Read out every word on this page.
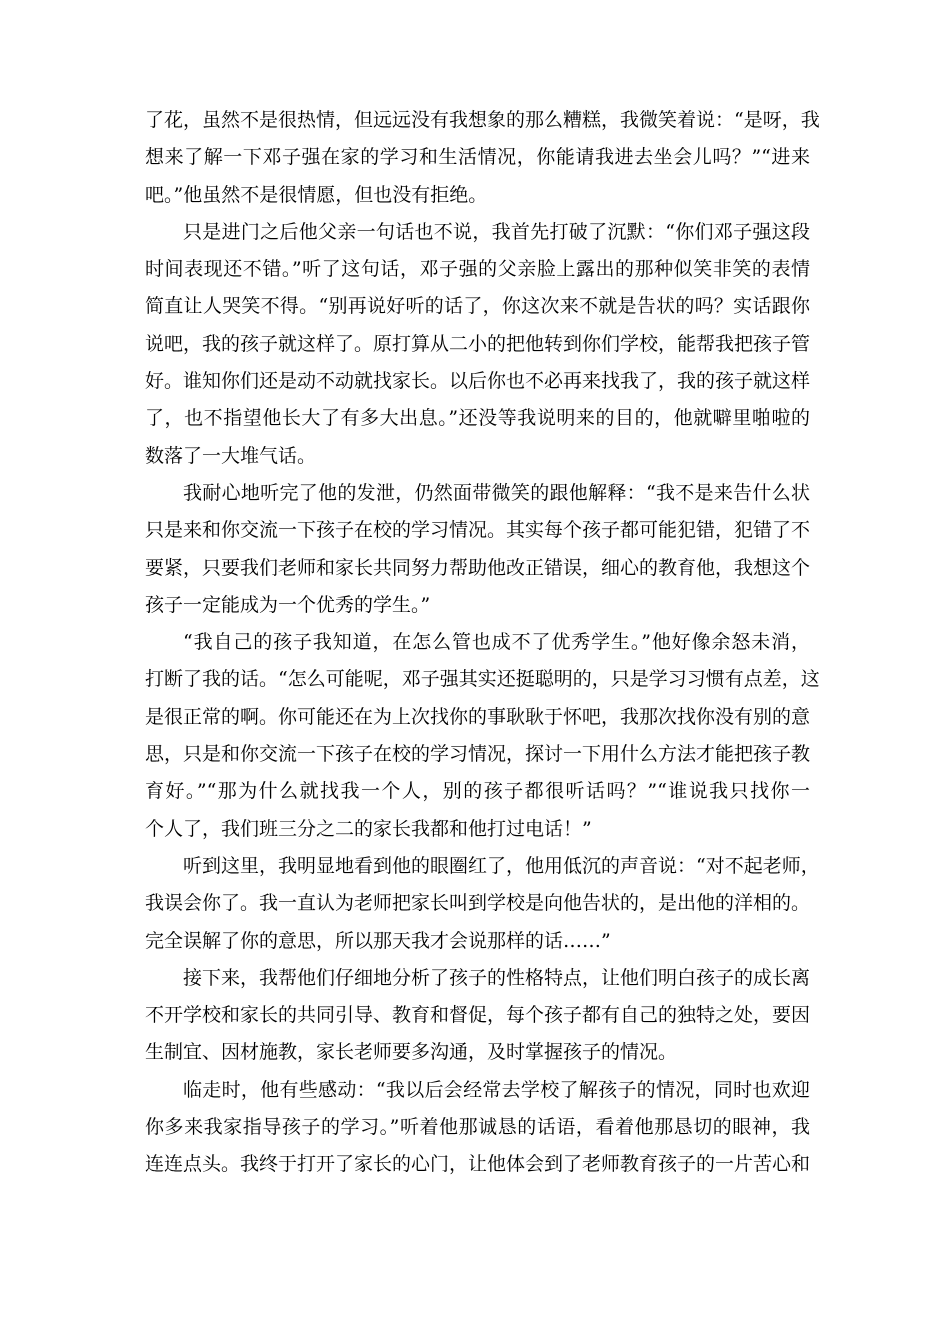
了花，虽然不是很热情，但远远没有我想象的那么糟糕，我微笑着说：“是呀，我
想来了解一下邓子强在家的学习和生活情况，你能请我进去坐会儿吗？”“进来
吧。”他虽然不是很情愿，但也没有拒绝。
只是进门之后他父亲一句话也不说，我首先打破了沉默：“你们邓子强这段
时间表现还不错。”听了这句话，邓子强的父亲脸上露出的那种似笑非笑的表情
简直让人哭笑不得。“别再说好听的话了，你这次来不就是告状的吗？实话跟你
说吧，我的孩子就这样了。原打算从二小的把他转到你们学校，能帮我把孩子管
好。谁知你们还是动不动就找家长。以后你也不必再来找我了，我的孩子就这样
了，也不指望他长大了有多大出息。”还没等我说明来的目的，他就噼里啪啦的
数落了一大堆气话。
我耐心地听完了他的发泄，仍然面带微笑的跟他解释：“我不是来告什么状
只是来和你交流一下孩子在校的学习情况。其实每个孩子都可能犯错，犯错了不
要紧，只要我们老师和家长共同努力帮助他改正错误，细心的教育他，我想这个
孩子一定能成为一个优秀的学生。”
“我自己的孩子我知道，在怎么管也成不了优秀学生。”他好像余怒未消，
打断了我的话。“怎么可能呢，邓子强其实还挺聪明的，只是学习习惯有点差，这
是很正常的啊。你可能还在为上次找你的事耿耿于怀吧，我那次找你没有别的意
思，只是和你交流一下孩子在校的学习情况，探讨一下用什么方法才能把孩子教
育好。”“那为什么就找我一个人，别的孩子都很听话吗？”“谁说我只找你一
个人了，我们班三分之二的家长我都和他打过电话！”
听到这里，我明显地看到他的眼圈红了，他用低沉的声音说：“对不起老师，
我误会你了。我一直认为老师把家长叫到学校是向他告状的，是出他的洋相的。
完全误解了你的意思，所以那天我才会说那样的话……”
接下来，我帮他们仔细地分析了孩子的性格特点，让他们明白孩子的成长离
不开学校和家长的共同引导、教育和督促，每个孩子都有自己的独特之处，要因
生制宜、因材施教，家长老师要多沟通，及时掌握孩子的情况。
临走时，他有些感动：“我以后会经常去学校了解孩子的情况，同时也欢迎
你多来我家指导孩子的学习。”听着他那诚恳的话语，看着他那恳切的眼神，我
连连点头。我终于打开了家长的心门，让他体会到了老师教育孩子的一片苦心和
